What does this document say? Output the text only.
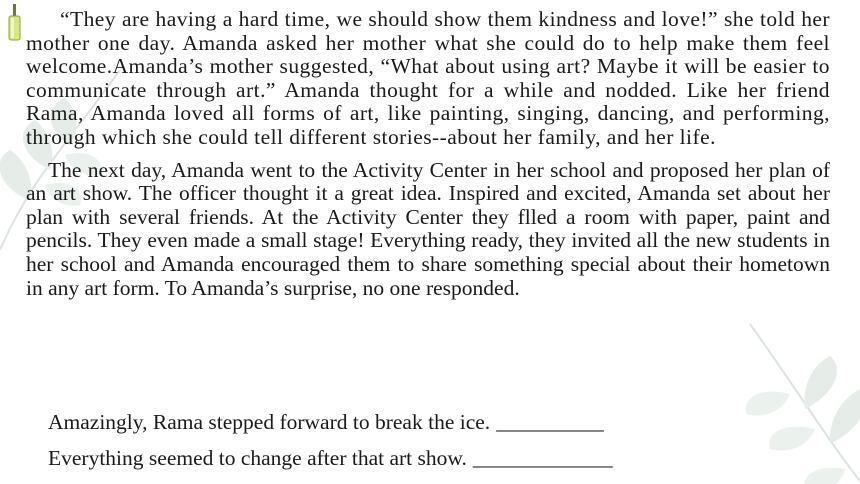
“They are having a hard time, we should show them kindness and love!” she told her mother one day. Amanda asked her mother what she could do to help make them feel welcome.Amanda’s mother suggested, “What about using art? Maybe it will be easier to communicate through art.” Amanda thought for a while and nodded. Like her friend Rama, Amanda loved all forms of art, like painting, singing, dancing, and performing, through which she could tell different stories--about her family, and her life.

The next day, Amanda went to the Activity Center in her school and proposed her plan of an art show. The officer thought it a great idea. Inspired and excited, Amanda set about her plan with several friends. At the Activity Center they flled a room with paper, paint and pencils. They even made a small stage! Everything ready, they invited all the new students in her school and Amanda encouraged them to share something special about their hometown in any art form. To Amanda’s surprise, no one responded.

Amazingly, Rama stepped forward to break the ice. __________
Everything seemed to change after that art show. _____________
